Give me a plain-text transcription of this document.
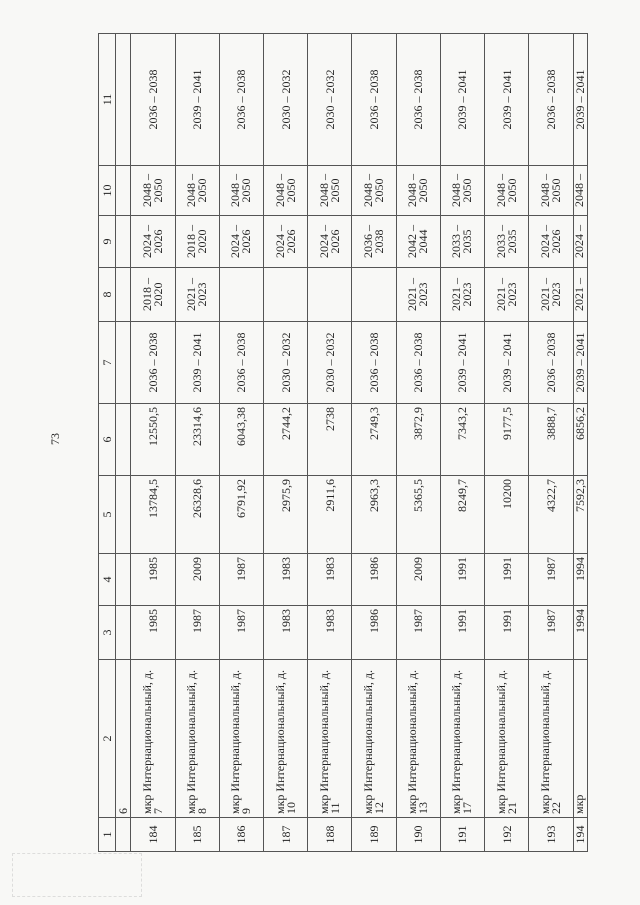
73
1	2	3	4	5	6	7	8	9	10	11
	6									
184	мкр Интернациональный, д. 7	1985	1985	13784,5	12550,5	2036 – 2038	2018 – 2020	2024 – 2026	2048 – 2050	2036 – 2038
185	мкр Интернациональный, д. 8	1987	2009	26328,6	23314,6	2039 – 2041	2021 – 2023	2018 – 2020	2048 – 2050	2039 – 2041
186	мкр Интернациональный, д. 9	1987	1987	6791,92	6043,38	2036 – 2038		2024 – 2026	2048 – 2050	2036 – 2038
187	мкр Интернациональный, д. 10	1983	1983	2975,9	2744,2	2030 – 2032		2024 – 2026	2048 – 2050	2030 – 2032
188	мкр Интернациональный, д. 11	1983	1983	2911,6	2738	2030 – 2032		2024 – 2026	2048 – 2050	2030 – 2032
189	мкр Интернациональный, д. 12	1986	1986	2963,3	2749,3	2036 – 2038		2036 – 2038	2048 – 2050	2036 – 2038
190	мкр Интернациональный, д. 13	1987	2009	5365,5	3872,9	2036 – 2038	2021 – 2023	2042 – 2044	2048 – 2050	2036 – 2038
191	мкр Интернациональный, д. 17	1991	1991	8249,7	7343,2	2039 – 2041	2021 – 2023	2033 – 2035	2048 – 2050	2039 – 2041
192	мкр Интернациональный, д. 21	1991	1991	10200	9177,5	2039 – 2041	2021 – 2023	2033 – 2035	2048 – 2050	2039 – 2041
193	мкр Интернациональный, д. 22	1987	1987	4322,7	3888,7	2036 – 2038	2021 – 2023	2024 – 2026	2048 – 2050	2036 – 2038
194	мкр	1994	1994	7592,3	6856,2	2039 – 2041	2021 –	2024 –	2048 –	2039 – 2041
